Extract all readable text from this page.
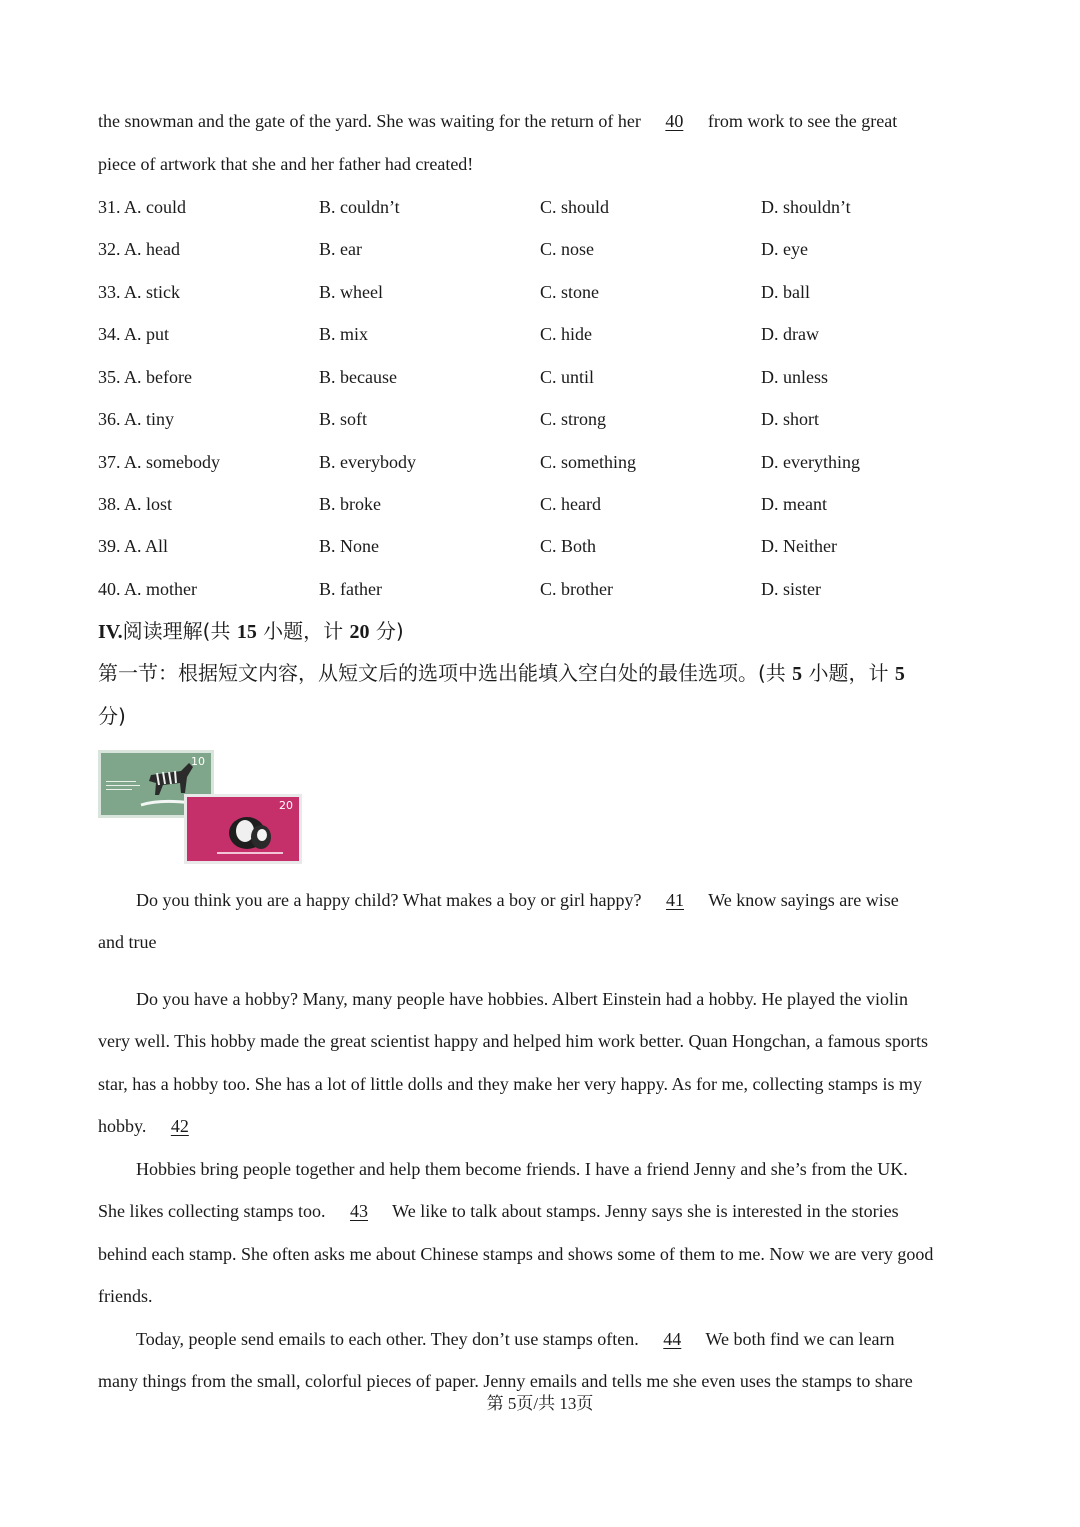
the snowman and the gate of the yard. She was waiting for the return of her 40 from work to see the great
piece of artwork that she and her father had created!
31. A. could	B. couldn’t	C. should	D. shouldn’t
32. A. head	B. ear	C. nose	D. eye
33. A. stick	B. wheel	C. stone	D. ball
34. A. put	B. mix	C. hide	D. draw
35. A. before	B. because	C. until	D. unless
36. A. tiny	B. soft	C. strong	D. short
37. A. somebody	B. everybody	C. something	D. everything
38. A. lost	B. broke	C. heard	D. meant
39. A. All	B. None	C. Both	D. Neither
40. A. mother	B. father	C. brother	D. sister
IV.阅读理解(共 15 小题，计 20 分)
第一节：根据短文内容，从短文后的选项中选出能填入空白处的最佳选项。(共 5 小题，计 5
分)
10
20
Do you think you are a happy child? What makes a boy or girl happy? 41 We know sayings are wise
and true
Do you have a hobby? Many, many people have hobbies. Albert Einstein had a hobby. He played the violin
very well. This hobby made the great scientist happy and helped him work better. Quan Hongchan, a famous sports
star, has a hobby too. She has a lot of little dolls and they make her very happy. As for me, collecting stamps is my
hobby. 42
Hobbies bring people together and help them become friends. I have a friend Jenny and she’s from the UK.
She likes collecting stamps too. 43 We like to talk about stamps. Jenny says she is interested in the stories
behind each stamp. She often asks me about Chinese stamps and shows some of them to me. Now we are very good
friends.
Today, people send emails to each other. They don’t use stamps often. 44 We both find we can learn
many things from the small, colorful pieces of paper. Jenny emails and tells me she even uses the stamps to share
第 5页/共 13页
